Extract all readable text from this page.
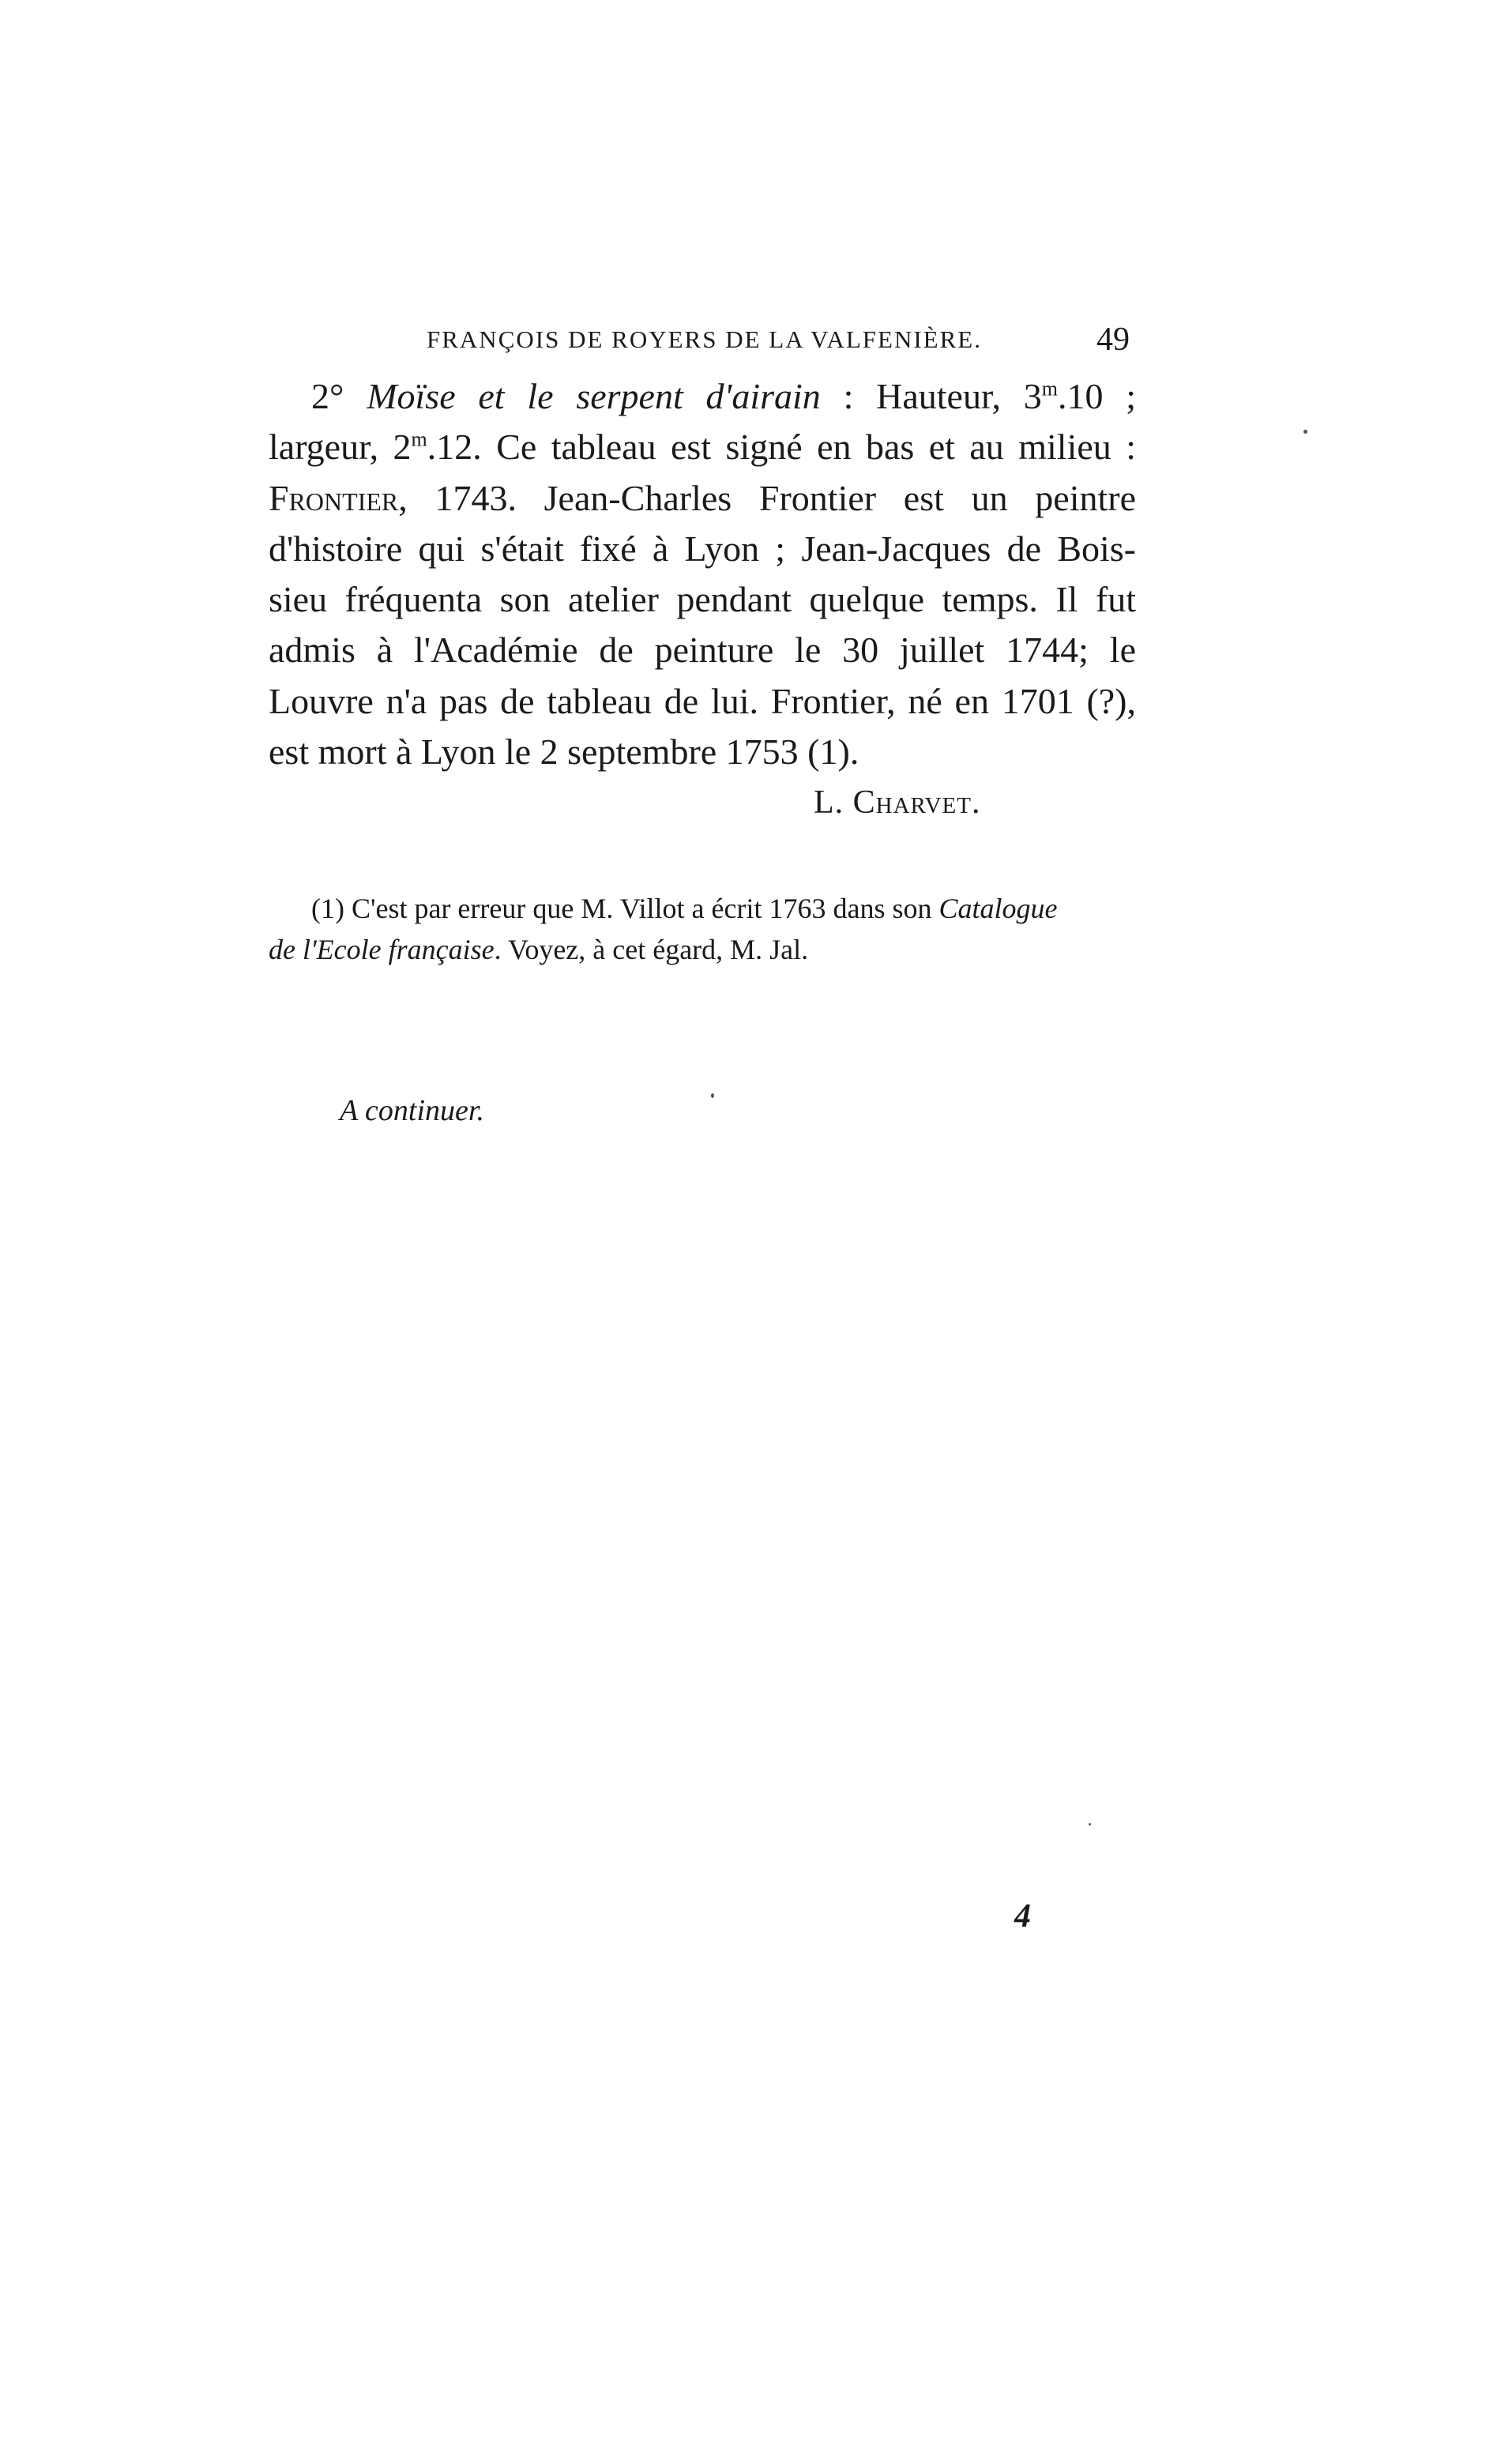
FRANÇOIS DE ROYERS DE LA VALFENIÈRE.	49
2° Moïse et le serpent d'airain : Hauteur, 3$^m$.10 ;
largeur, 2$^m$.12. Ce tableau est signé en bas et au milieu :
Frontier, 1743. Jean-Charles Frontier est un peintre
d'histoire qui s'était fixé à Lyon ; Jean-Jacques de Bois-
sieu fréquenta son atelier pendant quelque temps. Il fut
admis à l'Académie de peinture le 30 juillet 1744; le
Louvre n'a pas de tableau de lui. Frontier, né en 1701 (?),
est mort à Lyon le 2 septembre 1753 (1).
L. Charvet.
(1) C'est par erreur que M. Villot a écrit 1763 dans son Catalogue
de l'Ecole française. Voyez, à cet égard, M. Jal.
A continuer.
4
